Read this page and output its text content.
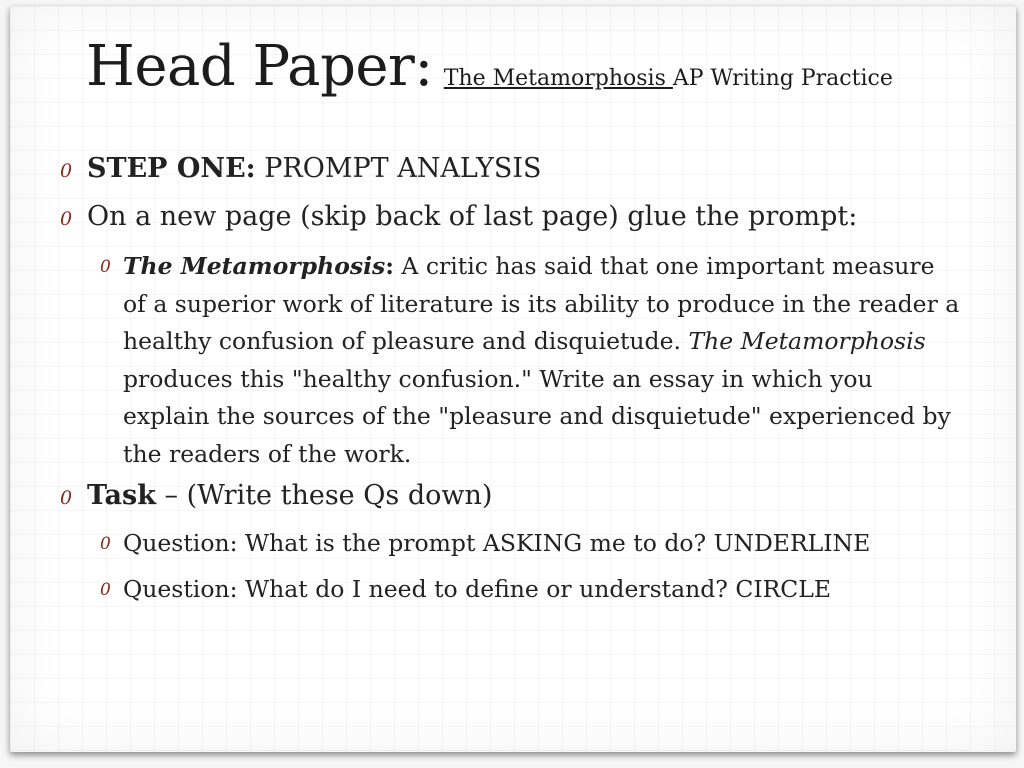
Head Paper: The Metamorphosis AP Writing Practice

0 STEP ONE: PROMPT ANALYSIS

0 On a new page (skip back of last page) glue the prompt:

0 The Metamorphosis: A critic has said that one important measure of a superior work of literature is its ability to produce in the reader a healthy confusion of pleasure and disquietude. The Metamorphosis produces this "healthy confusion." Write an essay in which you explain the sources of the "pleasure and disquietude" experienced by the readers of the work.

0 Task – (Write these Qs down)

0 Question: What is the prompt ASKING me to do? UNDERLINE

0 Question: What do I need to define or understand? CIRCLE
